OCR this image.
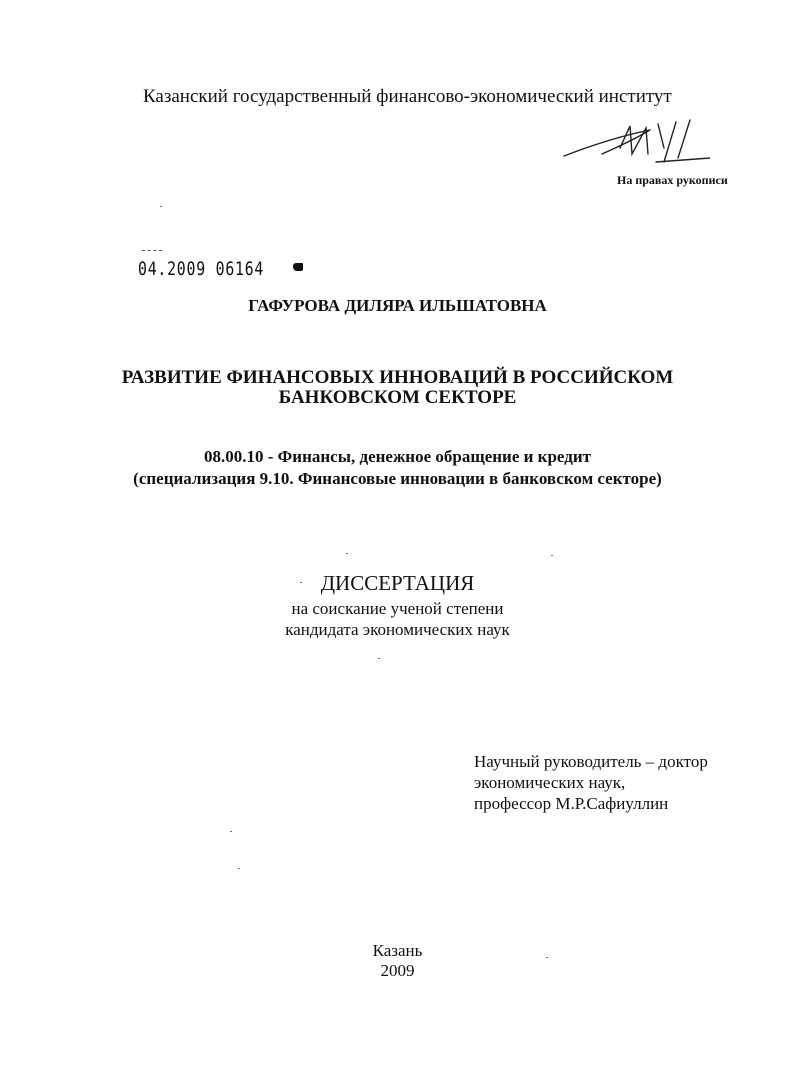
Казанский государственный финансово-экономический институт
На правах рукописи
04.2009 06164
ГАФУРОВА ДИЛЯРА ИЛЬШАТОВНА
РАЗВИТИЕ ФИНАНСОВЫХ ИННОВАЦИЙ В РОССИЙСКОМ
БАНКОВСКОМ СЕКТОРЕ
08.00.10 - Финансы, денежное обращение и кредит
(специализация 9.10. Финансовые инновации в банковском секторе)
ДИССЕРТАЦИЯ
на соискание ученой степени
кандидата экономических наук
Научный руководитель – доктор
экономических наук,
профессор М.Р.Сафиуллин
Казань
2009
